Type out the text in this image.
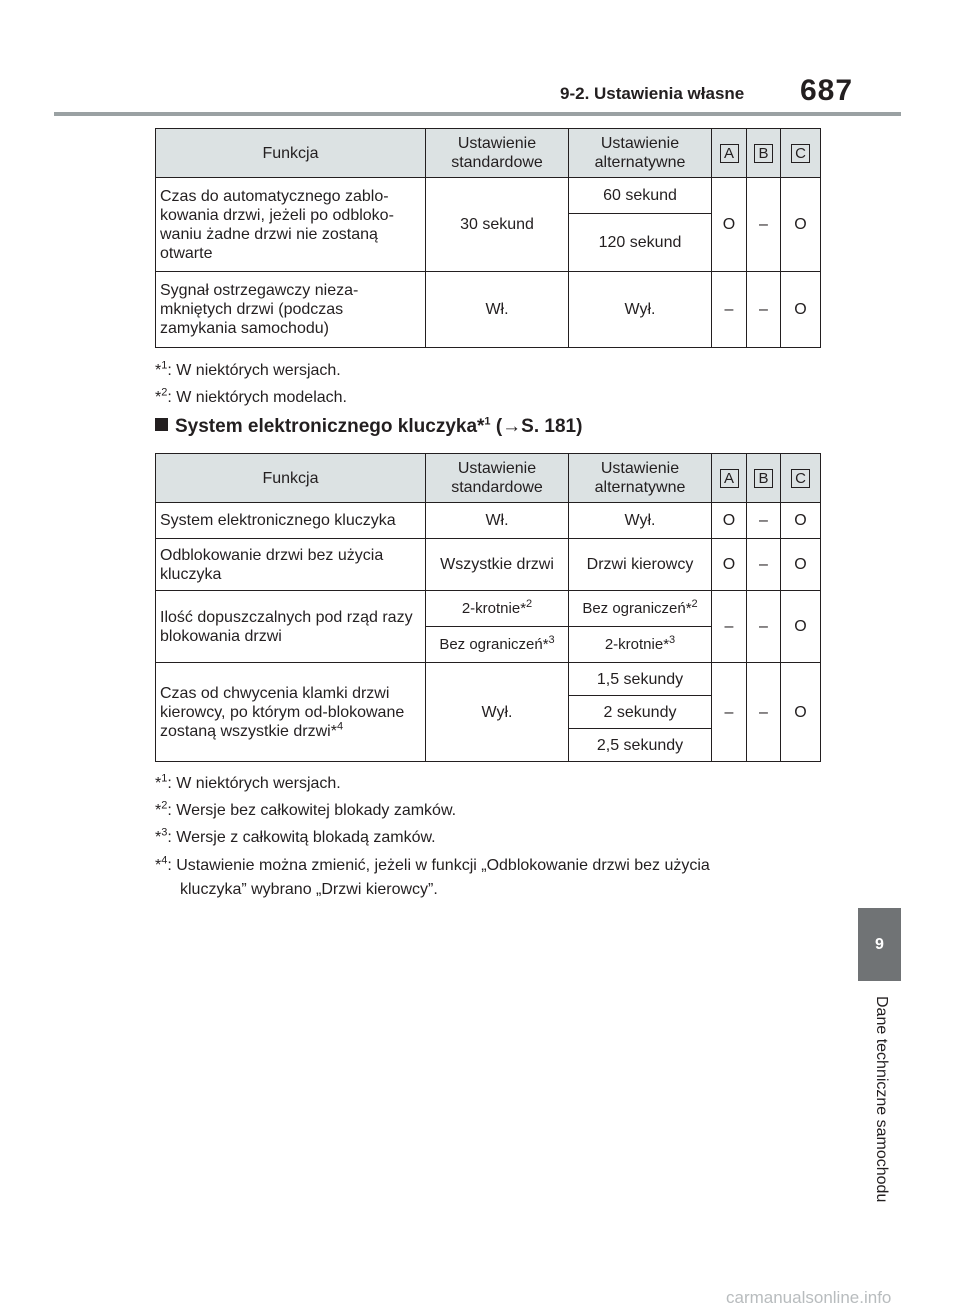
9-2. Ustawienia własne 687
Funkcja	Ustawienie standardowe	Ustawienie alternatywne	A	B	C
Czas do automatycznego zablo-kowania drzwi, jeżeli po odbloko-waniu żadne drzwi nie zostaną otwarte	30 sekund	60 sekund	O	–	O
		120 sekund			
Sygnał ostrzegawczy nieza-mkniętych drzwi (podczas zamykania samochodu)	Wł.	Wył.	–	–	O
*$^1$: W niektórych wersjach.
*$^2$: W niektórych modelach.
System elektronicznego kluczyka*$^1$ (→S. 181)
Funkcja	Ustawienie standardowe	Ustawienie alternatywne	A	B	C
System elektronicznego kluczyka	Wł.	Wył.	O	–	O
Odblokowanie drzwi bez użycia kluczyka	Wszystkie drzwi	Drzwi kierowcy	O	–	O
Ilość dopuszczalnych pod rząd razy blokowania drzwi	2-krotnie*$^2$	Bez ograniczeń*$^2$	–	–	O
	Bez ograniczeń*$^3$	2-krotnie*$^3$
Czas od chwycenia klamki drzwi kierowcy, po którym od-blokowane zostaną wszystkie drzwi*$^4$	Wył.	1,5 sekundy	–	–	O
		2 sekundy			
		2,5 sekundy			
*$^1$: W niektórych wersjach.
*$^2$: Wersje bez całkowitej blokady zamków.
*$^3$: Wersje z całkowitą blokadą zamków.
*$^4$: Ustawienie można zmienić, jeżeli w funkcji „Odblokowanie drzwi bez użycia
kluczyka” wybrano „Drzwi kierowcy”.
9
Dane techniczne samochodu
carmanualsonline.info
